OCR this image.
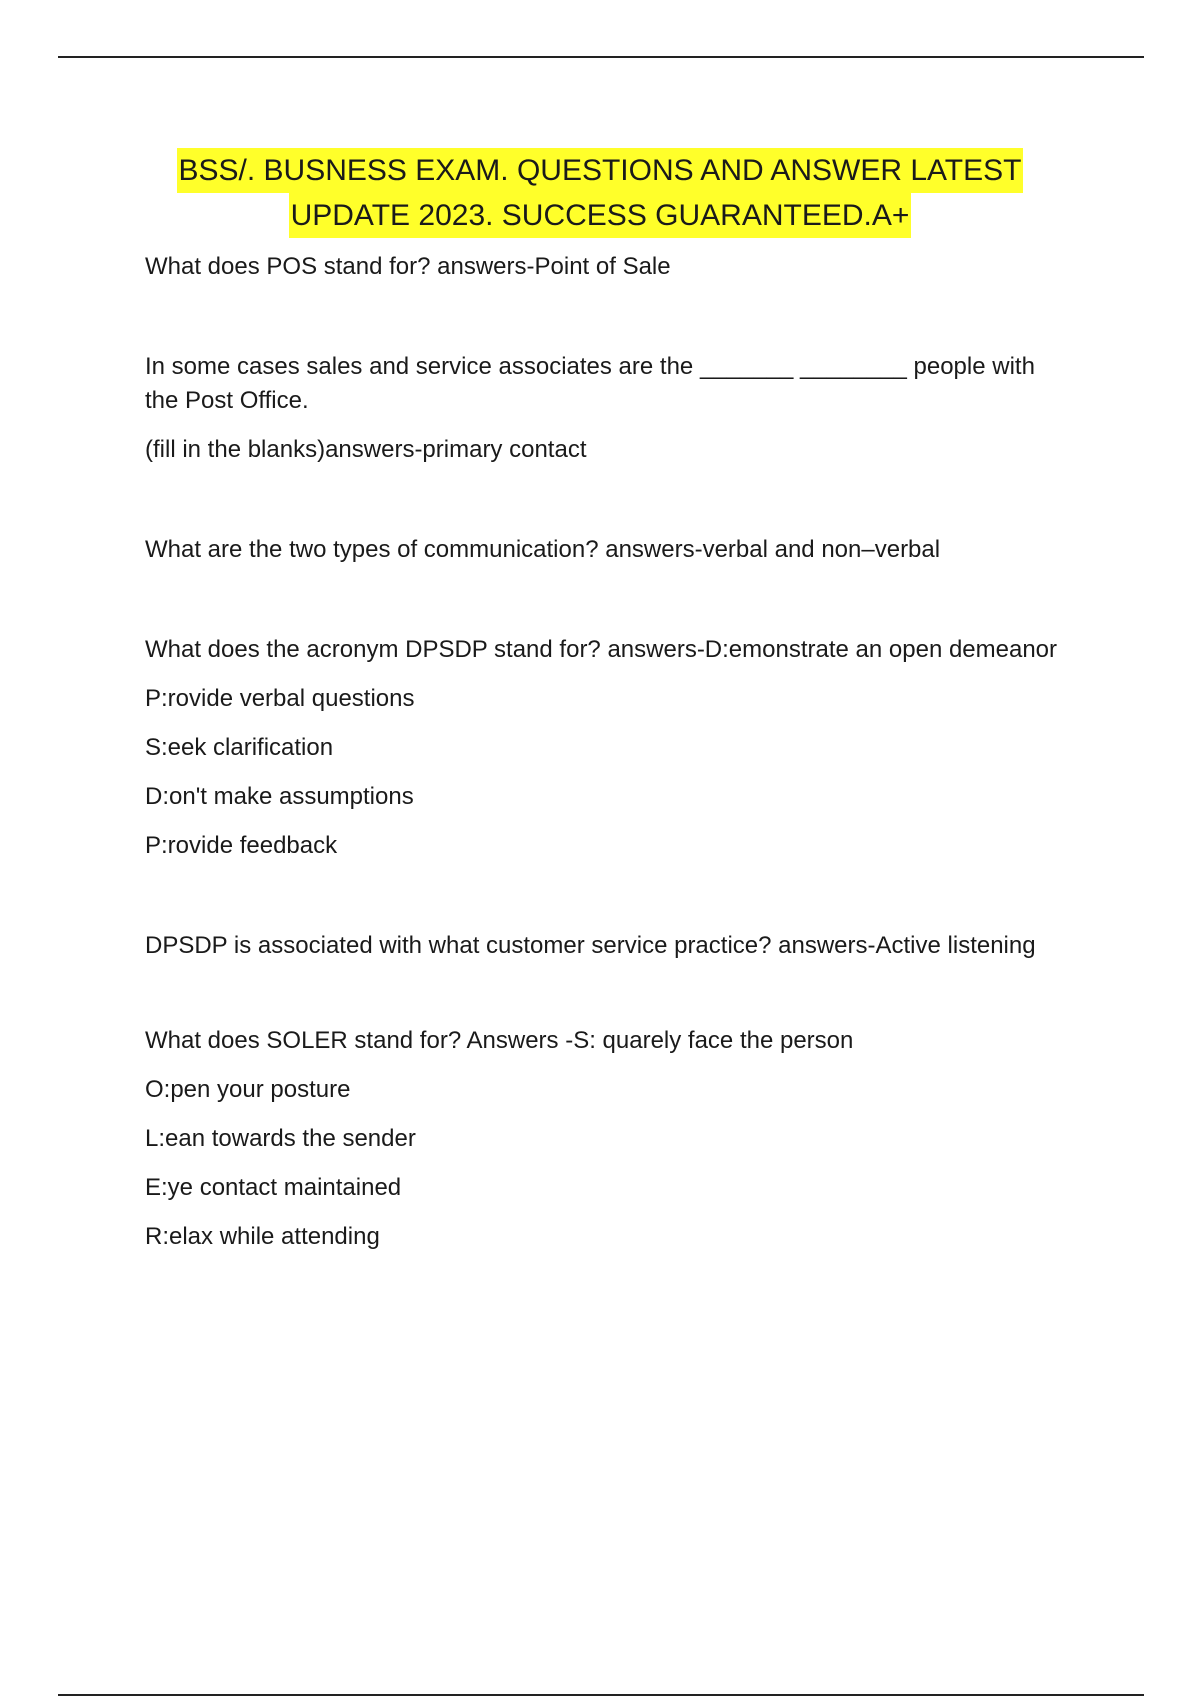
BSS/. BUSNESS EXAM. QUESTIONS AND ANSWER LATEST
UPDATE 2023. SUCCESS GUARANTEED.A+

What does POS stand for? answers-Point of Sale

In some cases sales and service associates are the _______ ________ people with the Post Office.

(fill in the blanks)answers-primary contact

What are the two types of communication? answers-verbal and non–verbal

What does the acronym DPSDP stand for? answers-D:emonstrate an open demeanor

P:rovide verbal questions

S:eek clarification

D:on't make assumptions

P:rovide feedback

DPSDP is associated with what customer service practice? answers-Active listening

What does SOLER stand for? Answers -S: quarely face the person

O:pen your posture

L:ean towards the sender

E:ye contact maintained

R:elax while attending
